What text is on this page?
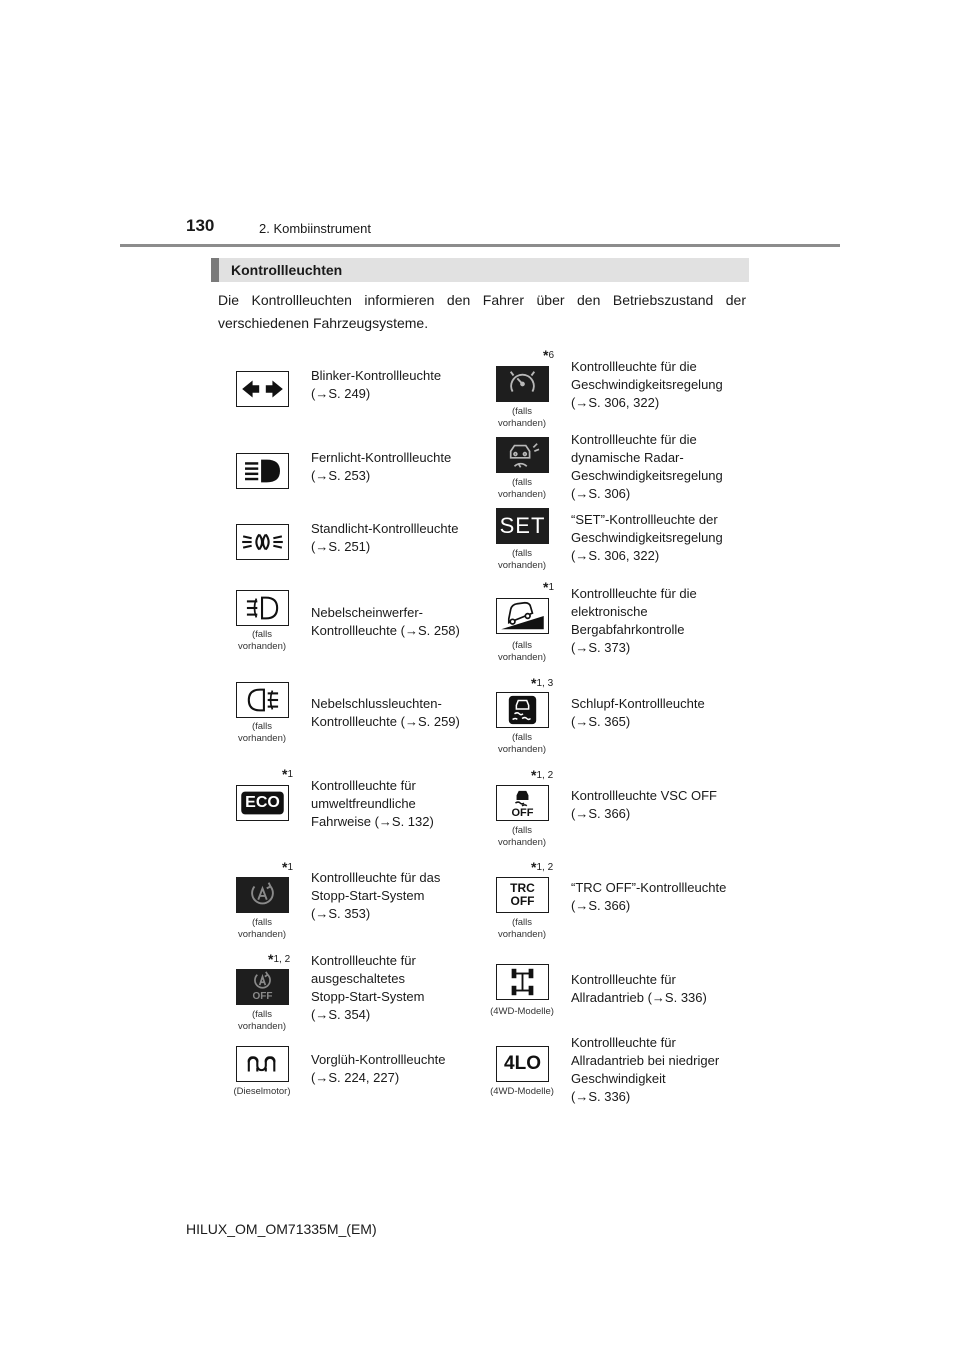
130	2. Kombiinstrument
Kontrollleuchten
Die Kontrollleuchten informieren den Fahrer über den Betriebszustand der verschiedenen Fahrzeugsysteme.
Blinker-Kontrollleuchte
(→S. 249)
Fernlicht-Kontrollleuchte
(→S. 253)
Standlicht-Kontrollleuchte
(→S. 251)
(falls
vorhanden)
Nebelscheinwerfer-
Kontrollleuchte (→S. 258)
(falls
vorhanden)
Nebelschlussleuchten-
Kontrollleuchte (→S. 259)
*1
ECO
Kontrollleuchte für
umweltfreundliche
Fahrweise (→S. 132)
*1
(falls
vorhanden)
Kontrollleuchte für das
Stopp-Start-System
(→S. 353)
*1, 2
OFF
(falls
vorhanden)
Kontrollleuchte für
ausgeschaltetes
Stopp-Start-System
(→S. 354)
(Dieselmotor)
Vorglüh-Kontrollleuchte
(→S. 224, 227)
*6
(falls
vorhanden)
Kontrollleuchte für die
Geschwindigkeitsregelung
(→S. 306, 322)
(falls
vorhanden)
Kontrollleuchte für die
dynamische Radar-
Geschwindigkeitsregelung
(→S. 306)
SET
(falls
vorhanden)
“SET”-Kontrollleuchte der
Geschwindigkeitsregelung
(→S. 306, 322)
*1
(falls
vorhanden)
Kontrollleuchte für die
elektronische
Bergabfahrkontrolle
(→S. 373)
*1, 3
(falls
vorhanden)
Schlupf-Kontrollleuchte
(→S. 365)
*1, 2
OFF
(falls
vorhanden)
Kontrollleuchte VSC OFF
(→S. 366)
*1, 2
TRC
OFF
(falls
vorhanden)
“TRC OFF”-Kontrollleuchte
(→S. 366)
(4WD-Modelle)
Kontrollleuchte für
Allradantrieb (→S. 336)
4LO
(4WD-Modelle)
Kontrollleuchte für
Allradantrieb bei niedriger
Geschwindigkeit
(→S. 336)
HILUX_OM_OM71335M_(EM)
